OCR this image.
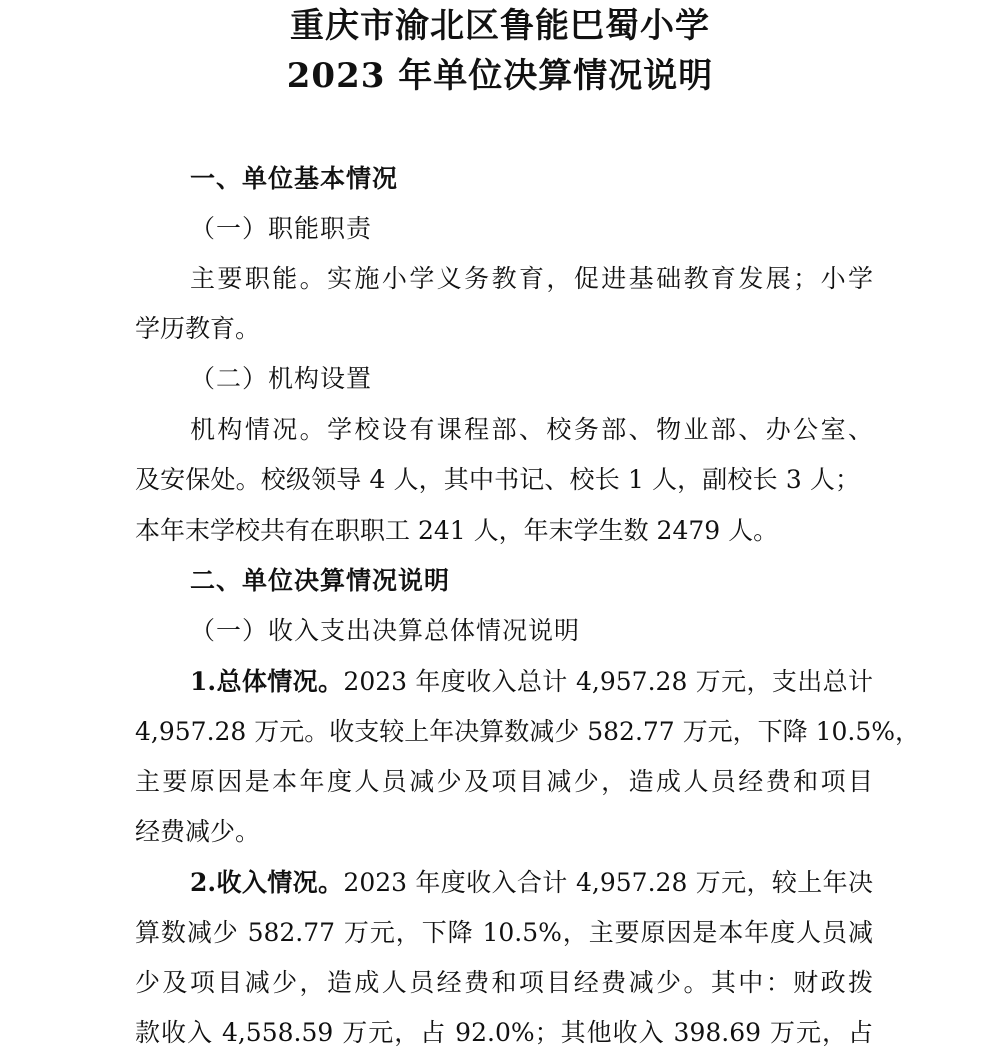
重庆市渝北区鲁能巴蜀小学
2023 年单位决算情况说明
一、单位基本情况
（一）职能职责
主要职能。实施小学义务教育，促进基础教育发展；小学
学历教育。
（二）机构设置
机构情况。学校设有课程部、校务部、物业部、办公室、
及安保处。校级领导 4 人，其中书记、校长 1 人，副校长 3 人；
本年末学校共有在职职工 241 人，年末学生数 2479 人。
二、单位决算情况说明
（一）收入支出决算总体情况说明
1.总体情况。2023 年度收入总计 4,957.28 万元，支出总计
4,957.28 万元。收支较上年决算数减少 582.77 万元，下降 10.5%，
主要原因是本年度人员减少及项目减少，造成人员经费和项目
经费减少。
2.收入情况。2023 年度收入合计 4,957.28 万元，较上年决
算数减少 582.77 万元，下降 10.5%，主要原因是本年度人员减
少及项目减少，造成人员经费和项目经费减少。其中：财政拨
款收入 4,558.59 万元，占 92.0%；其他收入 398.69 万元，占
